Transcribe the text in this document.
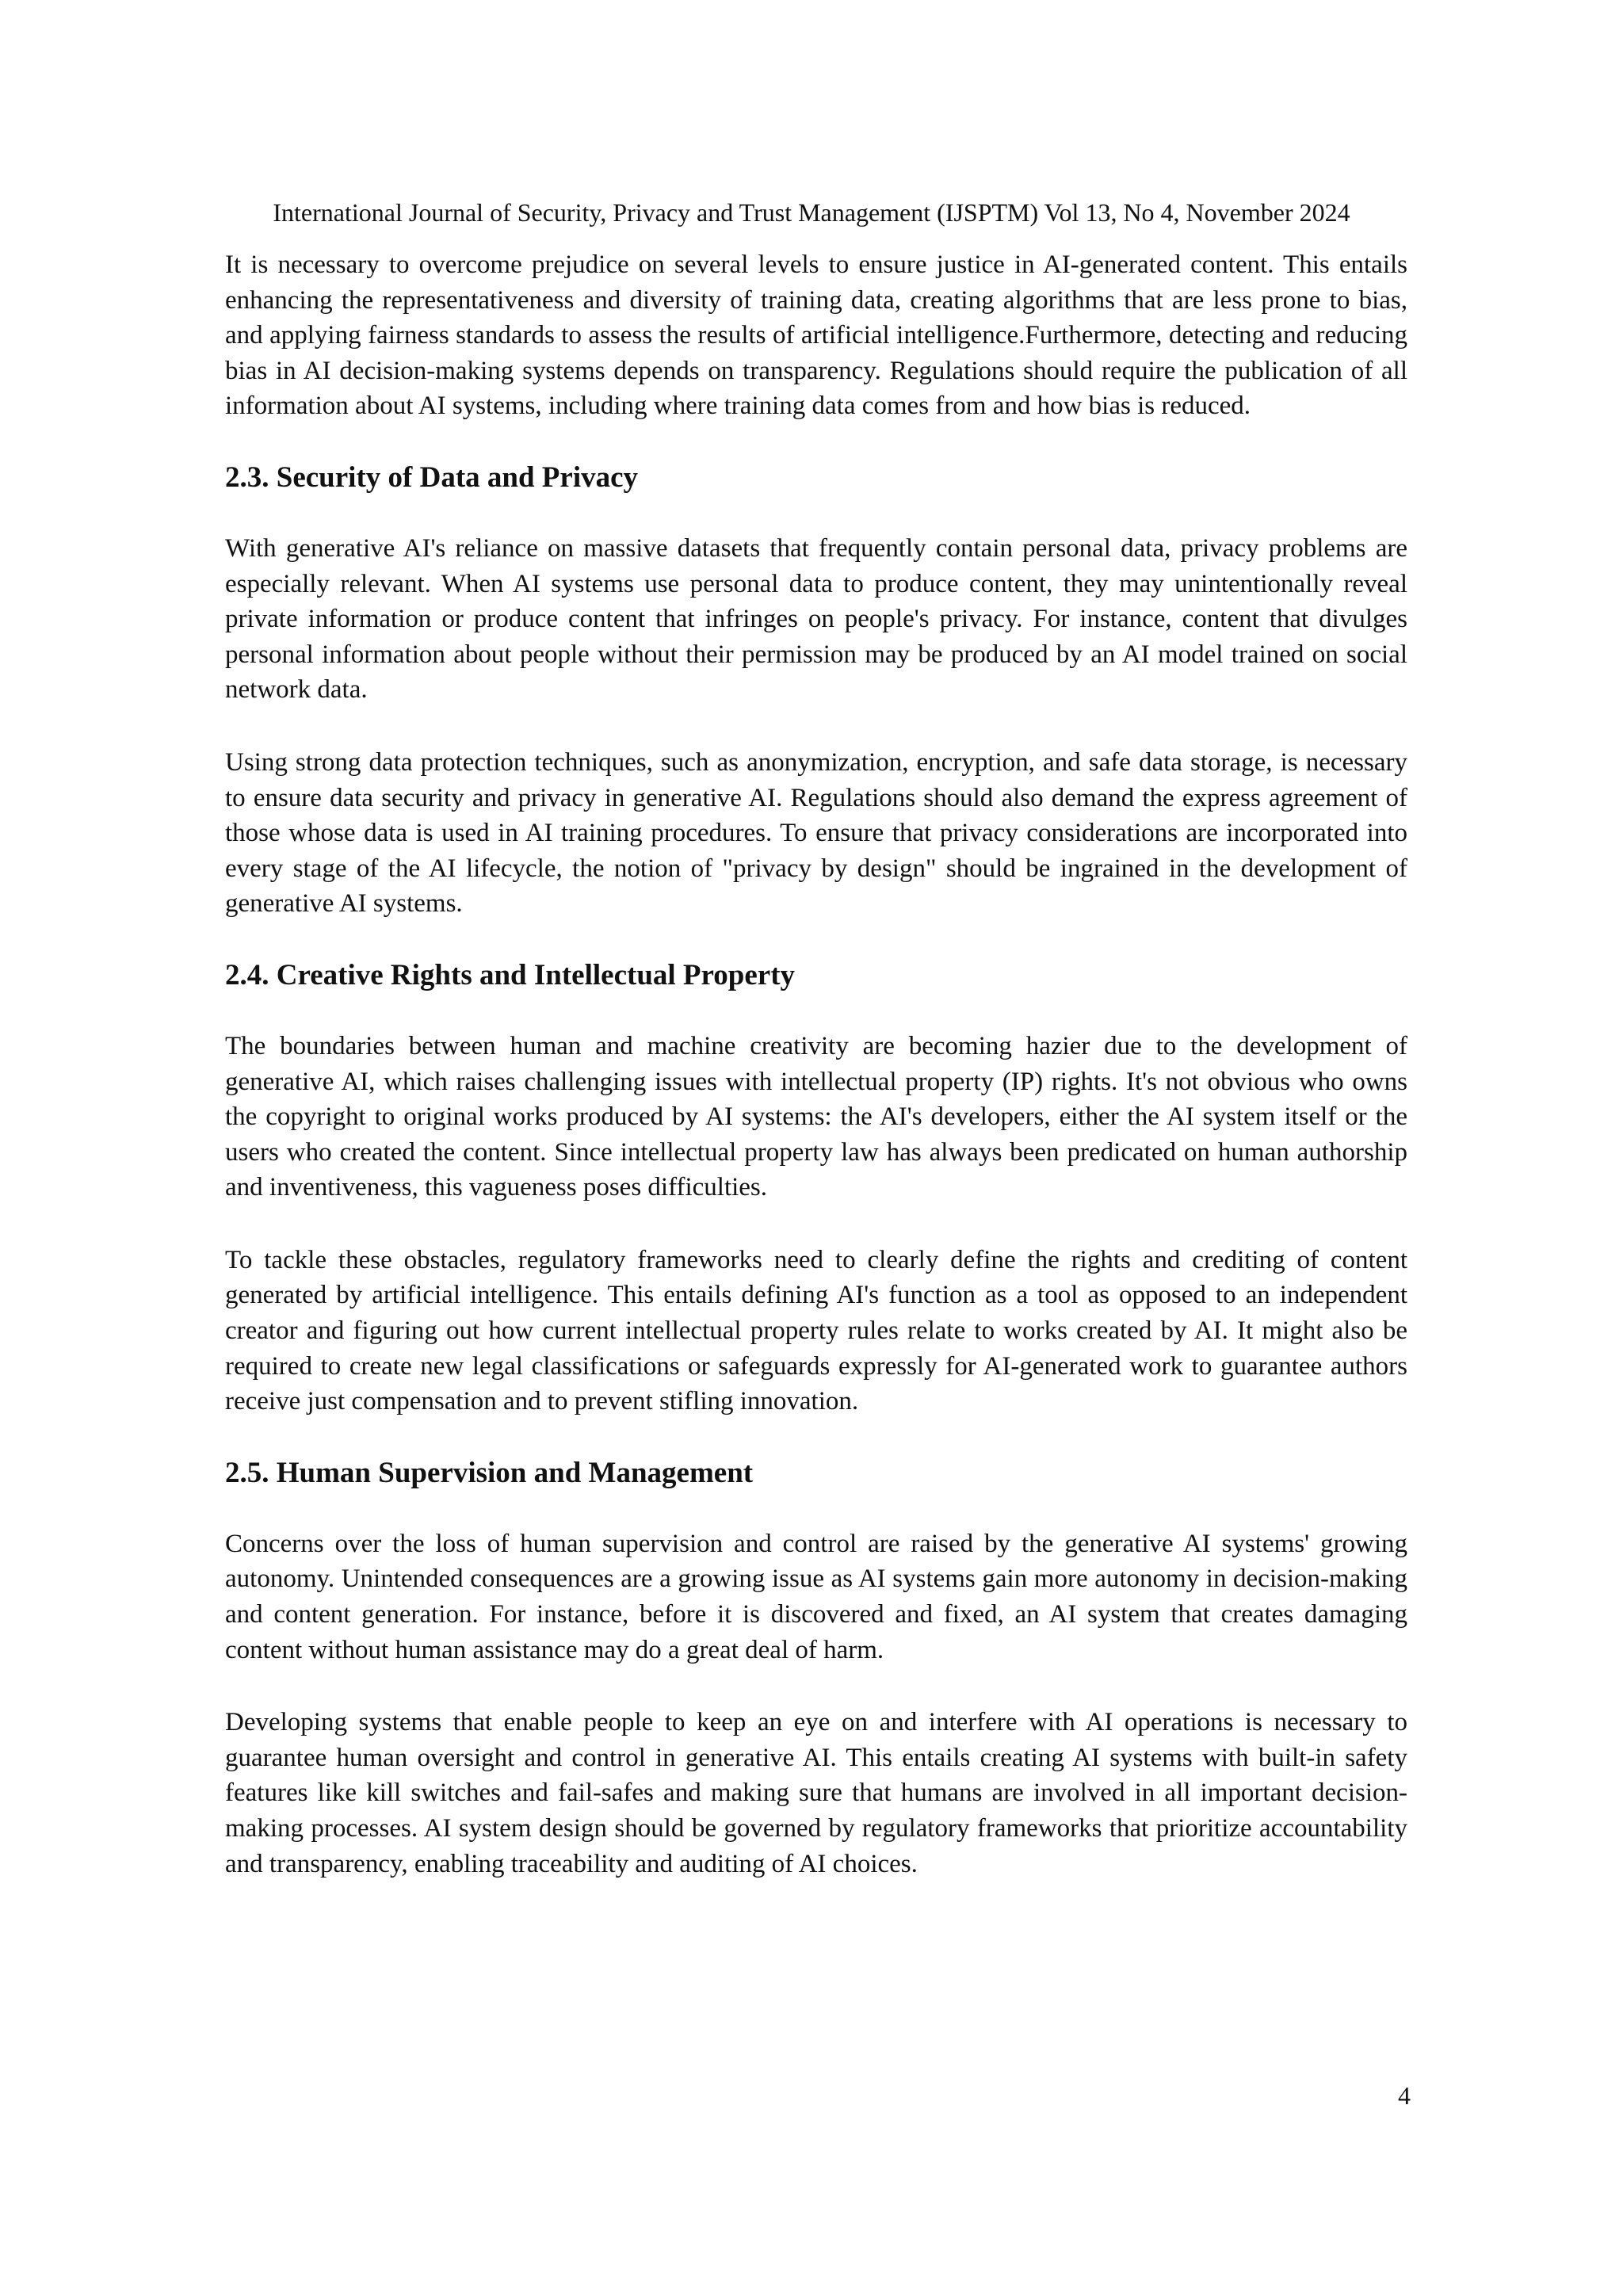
International Journal of Security, Privacy and Trust Management (IJSPTM) Vol 13, No 4, November 2024

It is necessary to overcome prejudice on several levels to ensure justice in AI-generated content. This entails enhancing the representativeness and diversity of training data, creating algorithms that are less prone to bias, and applying fairness standards to assess the results of artificial intelligence.Furthermore, detecting and reducing bias in AI decision-making systems depends on transparency. Regulations should require the publication of all information about AI systems, including where training data comes from and how bias is reduced.

2.3. Security of Data and Privacy

With generative AI's reliance on massive datasets that frequently contain personal data, privacy problems are especially relevant. When AI systems use personal data to produce content, they may unintentionally reveal private information or produce content that infringes on people's privacy. For instance, content that divulges personal information about people without their permission may be produced by an AI model trained on social network data.

Using strong data protection techniques, such as anonymization, encryption, and safe data storage, is necessary to ensure data security and privacy in generative AI. Regulations should also demand the express agreement of those whose data is used in AI training procedures. To ensure that privacy considerations are incorporated into every stage of the AI lifecycle, the notion of "privacy by design" should be ingrained in the development of generative AI systems.

2.4. Creative Rights and Intellectual Property

The boundaries between human and machine creativity are becoming hazier due to the development of generative AI, which raises challenging issues with intellectual property (IP) rights. It's not obvious who owns the copyright to original works produced by AI systems: the AI's developers, either the AI system itself or the users who created the content. Since intellectual property law has always been predicated on human authorship and inventiveness, this vagueness poses difficulties.

To tackle these obstacles, regulatory frameworks need to clearly define the rights and crediting of content generated by artificial intelligence. This entails defining AI's function as a tool as opposed to an independent creator and figuring out how current intellectual property rules relate to works created by AI. It might also be required to create new legal classifications or safeguards expressly for AI-generated work to guarantee authors receive just compensation and to prevent stifling innovation.

2.5. Human Supervision and Management

Concerns over the loss of human supervision and control are raised by the generative AI systems' growing autonomy. Unintended consequences are a growing issue as AI systems gain more autonomy in decision-making and content generation. For instance, before it is discovered and fixed, an AI system that creates damaging content without human assistance may do a great deal of harm.

Developing systems that enable people to keep an eye on and interfere with AI operations is necessary to guarantee human oversight and control in generative AI. This entails creating AI systems with built-in safety features like kill switches and fail-safes and making sure that humans are involved in all important decision-making processes. AI system design should be governed by regulatory frameworks that prioritize accountability and transparency, enabling traceability and auditing of AI choices.

4
